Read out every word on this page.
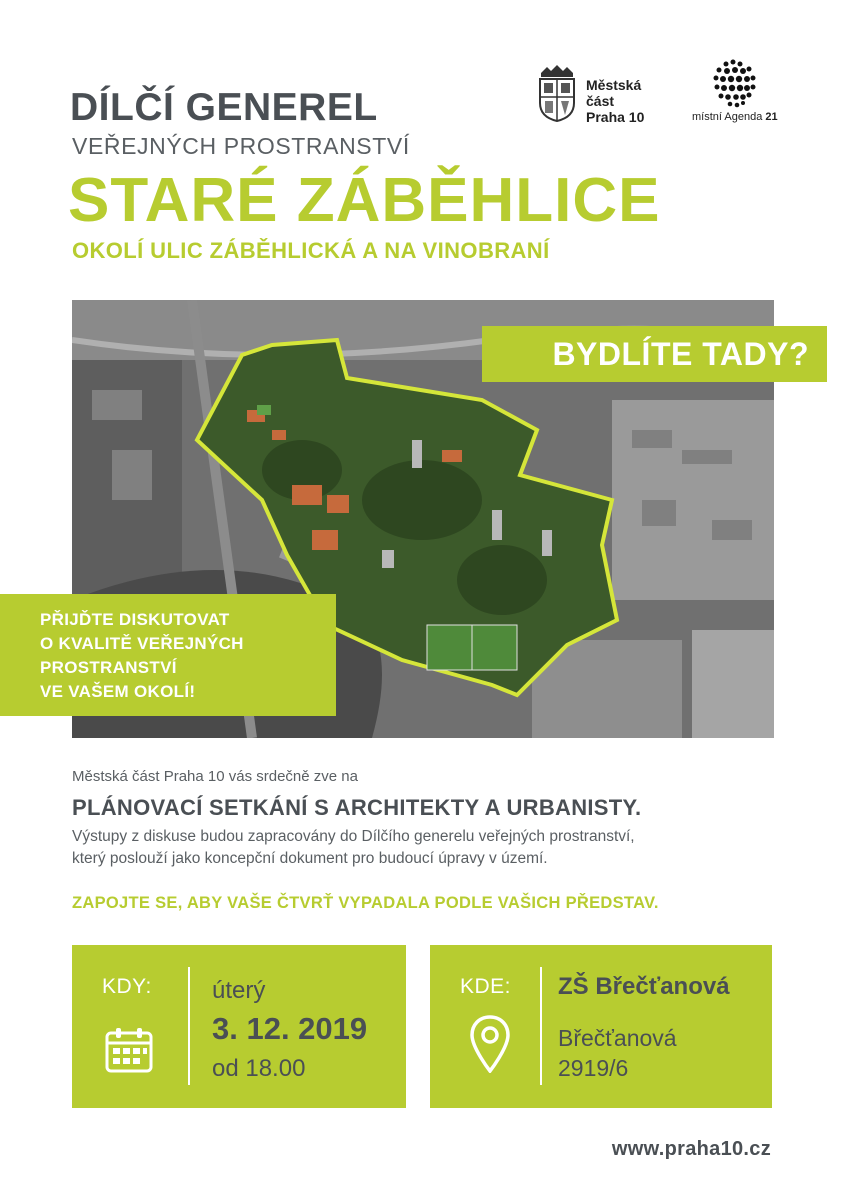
DÍLČÍ GENEREL
VEŘEJNÝCH PROSTRANSTVÍ
STARÉ ZÁBĚHLICE
OKOLÍ ULIC ZÁBĚHLICKÁ A NA VINOBRANÍ
Městská
část
Praha 10	místní Agenda 21
BYDLÍTE TADY?
PŘIJĎTE DISKUTOVAT
O KVALITĚ VEŘEJNÝCH
PROSTRANSTVÍ
VE VAŠEM OKOLÍ!
Městská část Praha 10 vás srdečně zve na
PLÁNOVACÍ SETKÁNÍ S ARCHITEKTY A URBANISTY.
Výstupy z diskuse budou zapracovány do Dílčího generelu veřejných prostranství,
který poslouží jako koncepční dokument pro budoucí úpravy v území.
ZAPOJTE SE, ABY VAŠE ČTVRŤ VYPADALA PODLE VAŠICH PŘEDSTAV.
KDY:	úterý
3. 12. 2019
od 18.00
KDE: ZŠ Břečťanová
Břečťanová
2919/6
www.praha10.cz
